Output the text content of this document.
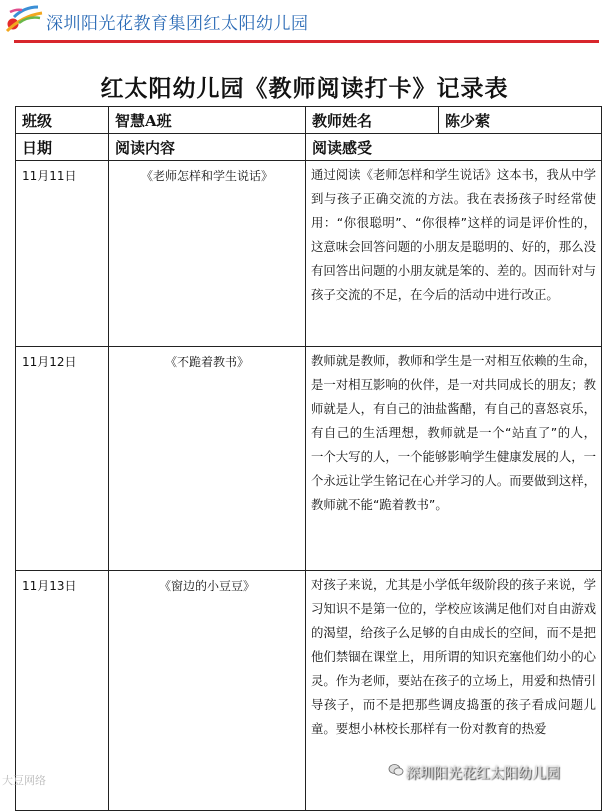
深圳阳光花教育集团红太阳幼儿园
红太阳幼儿园《教师阅读打卡》记录表
班级	智慧A班	教师姓名	陈少萦
日期	阅读内容	阅读感受	
11月11日	《老师怎样和学生说话》	通过阅读《老师怎样和学生说话》这本书，我从中学到与孩子正确交流的方法。我在表扬孩子时经常使用：“你很聪明”、“你很棒”这样的词是评价性的，这意味会回答问题的小朋友是聪明的、好的，那么没有回答出问题的小朋友就是笨的、差的。因而针对与孩子交流的不足，在今后的活动中进行改正。	
11月12日	《不跪着教书》	教师就是教师，教师和学生是一对相互依赖的生命，是一对相互影响的伙伴，是一对共同成长的朋友；教师就是人，有自己的油盐酱醋，有自己的喜怒哀乐，有自己的生活理想，教师就是一个“站直了”的人，一个大写的人，一个能够影响学生健康发展的人，一个永远让学生铭记在心并学习的人。而要做到这样，教师就不能“跪着教书”。	
11月13日	《窗边的小豆豆》	对孩子来说，尤其是小学低年级阶段的孩子来说，学习知识不是第一位的，学校应该满足他们对自由游戏的渴望，给孩子么足够的自由成长的空间，而不是把他们禁锢在课堂上，用所谓的知识充塞他们幼小的心灵。作为老师，要站在孩子的立场上，用爱和热情引导孩子，而不是把那些调皮捣蛋的孩子看成问题儿童。要想小林校长那样有一份对教育的热爱	
大豆网络	深圳阳光花红太阳幼儿园
